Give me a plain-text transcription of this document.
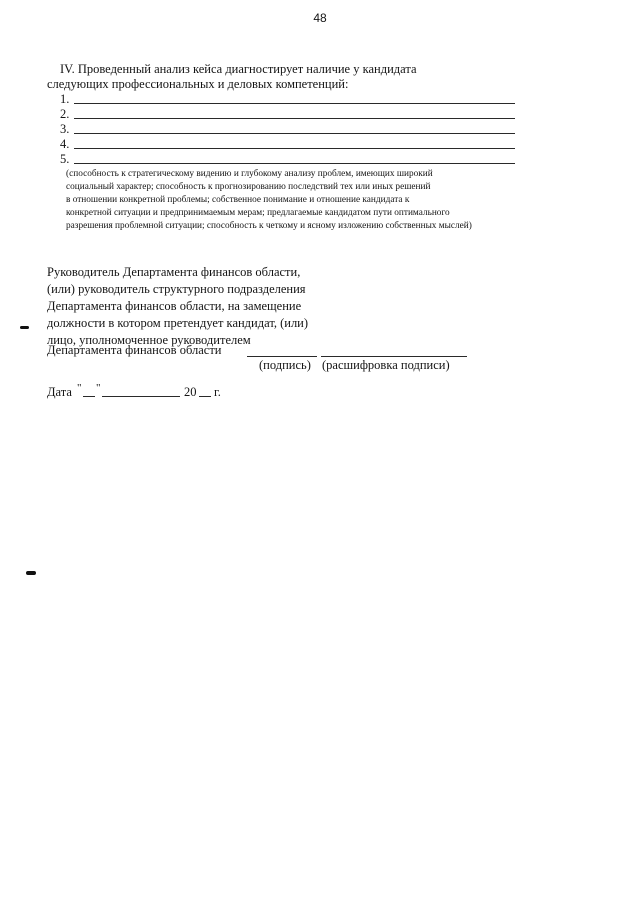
48
IV. Проведенный анализ кейса диагностирует наличие у кандидата
следующих профессиональных и деловых компетенций:
1.
2.
3.
4.
5.
(способность к стратегическому видению и глубокому анализу проблем, имеющих широкий
социальный характер; способность к прогнозированию последствий тех или иных решений
в отношении конкретной проблемы; собственное понимание и отношение кандидата к
конкретной ситуации и предпринимаемым мерам; предлагаемые кандидатом пути оптимального
разрешения проблемной ситуации; способность к четкому и ясному изложению собственных мыслей)
Руководитель Департамента финансов области,
(или) руководитель структурного подразделения
Департамента финансов области, на замещение
должности в котором претендует кандидат, (или)
лицо, уполномоченное руководителем
Департамента финансов области
(подпись) (расшифровка подписи)
Дата " "	20 г.
